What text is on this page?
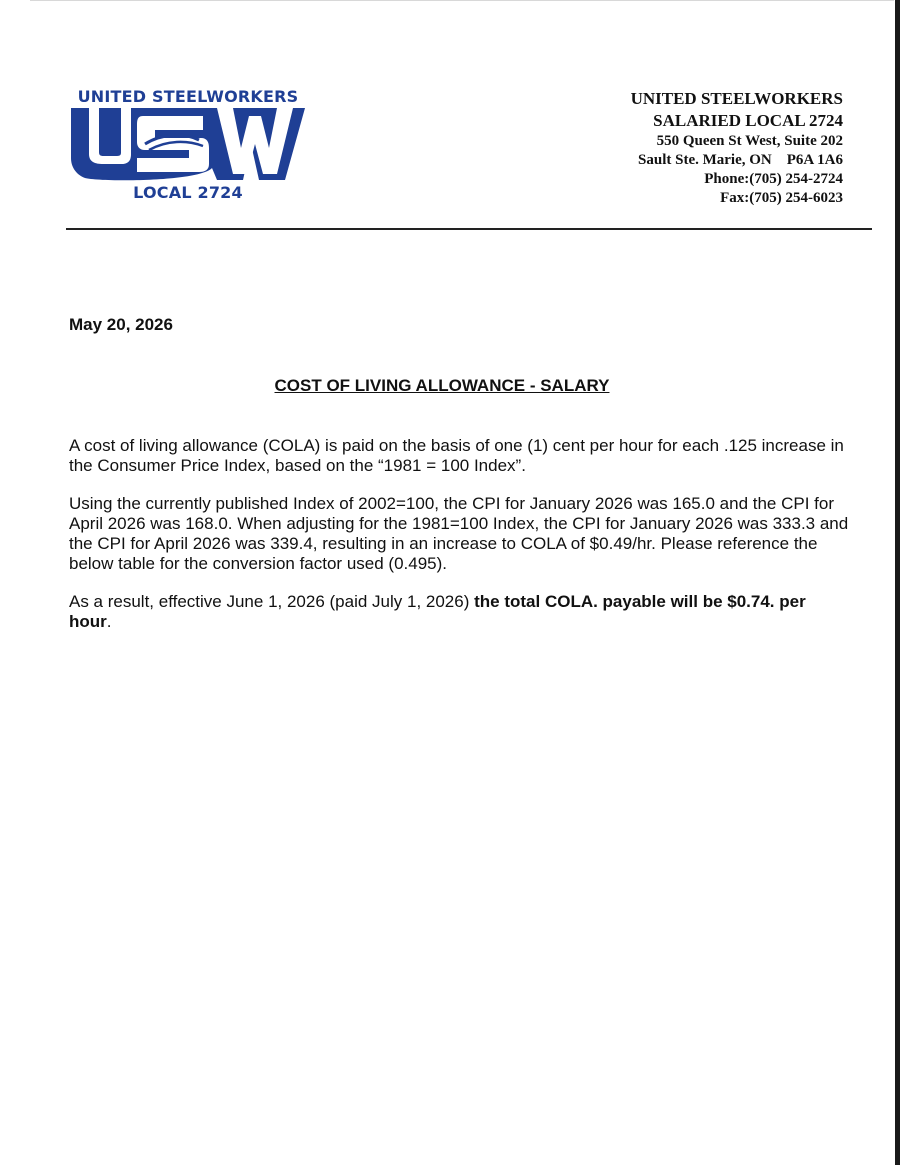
UNITED STEELWORKERS
LOCAL 2724
UNITED STEELWORKERS
SALARIED LOCAL 2724
550 Queen St West, Suite 202
Sault Ste. Marie, ON    P6A 1A6
Phone:(705) 254-2724
Fax:(705) 254-6023
May 20, 2026
COST OF LIVING ALLOWANCE - SALARY

A cost of living allowance (COLA) is paid on the basis of one (1) cent per hour for each .125 increase in the Consumer Price Index, based on the “1981 = 100 Index”.

Using the currently published Index of 2002=100, the CPI for January 2026 was 165.0 and the CPI for April 2026 was 168.0. When adjusting for the 1981=100 Index, the CPI for January 2026 was 333.3 and the CPI for April 2026 was 339.4, resulting in an increase to COLA of $0.49/hr. Please reference the below table for the conversion factor used (0.495).

As a result, effective June 1, 2026 (paid July 1, 2026) the total COLA. payable will be $0.74. per hour.
